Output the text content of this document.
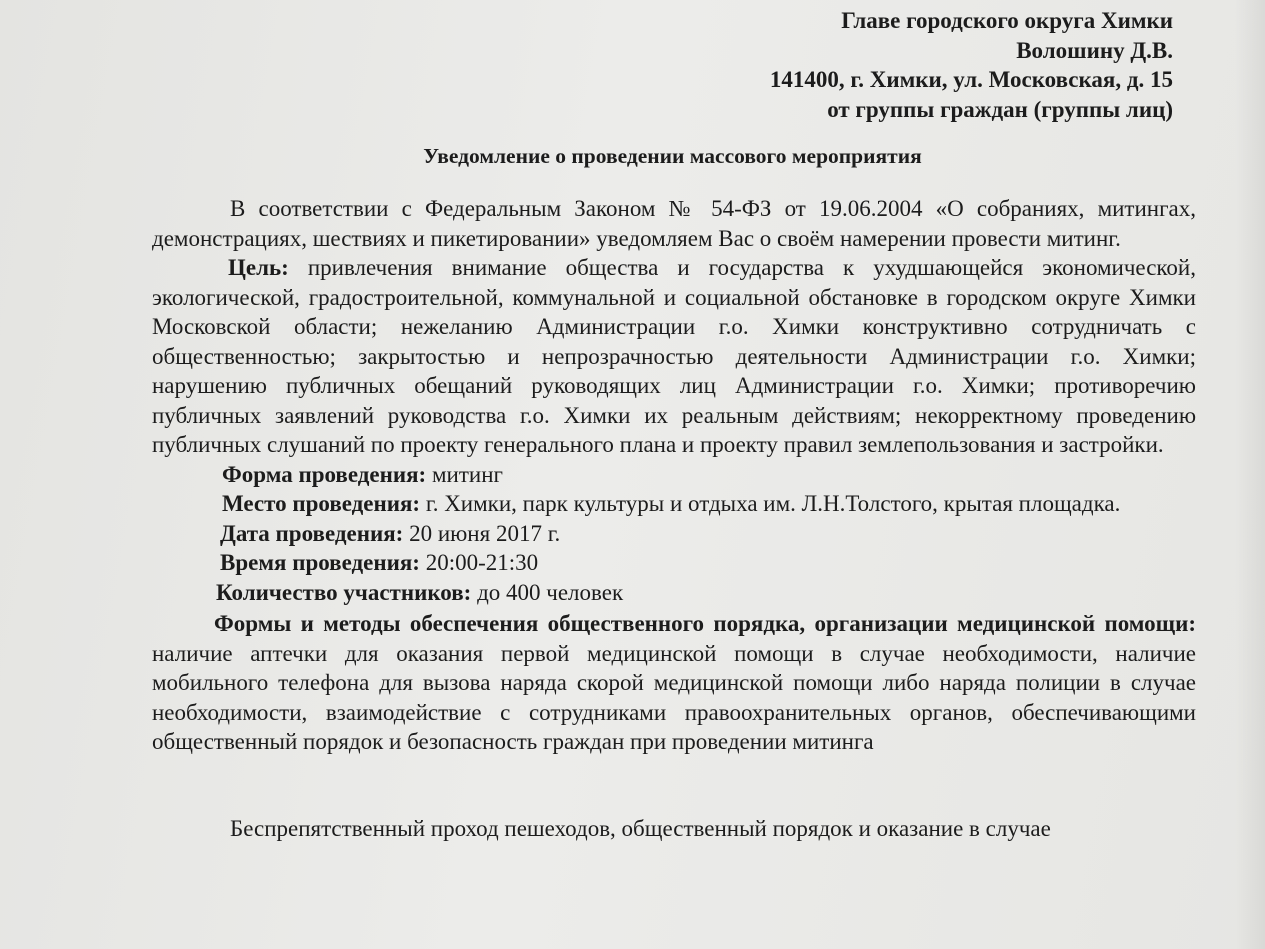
Главе городского округа Химки
Волошину Д.В.
141400, г. Химки, ул. Московская, д. 15
от группы граждан (группы лиц)
Уведомление о проведении массового мероприятия

В соответствии с Федеральным Законом № 54-ФЗ от 19.06.2004 «О собраниях, митингах, демонстрациях, шествиях и пикетировании» уведомляем Вас о своём намерении провести митинг.

Цель: привлечения внимание общества и государства к ухудшающейся экономической, экологической, градостроительной, коммунальной и социальной обстановке в городском округе Химки Московской области; нежеланию Администрации г.о. Химки конструктивно сотрудничать с общественностью; закрытостью и непрозрачностью деятельности Администрации г.о. Химки; нарушению публичных обещаний руководящих лиц Администрации г.о. Химки; противоречию публичных заявлений руководства г.о. Химки их реальным действиям; некорректному проведению публичных слушаний по проекту генерального плана и проекту правил землепользования и застройки.

Форма проведения: митинг

Место проведения: г. Химки, парк культуры и отдыха им. Л.Н.Толстого, крытая площадка.

Дата проведения: 20 июня 2017 г.

Время проведения: 20:00-21:30

Количество участников: до 400 человек

Формы и методы обеспечения общественного порядка, организации медицинской помощи: наличие аптечки для оказания первой медицинской помощи в случае необходимости, наличие мобильного телефона для вызова наряда скорой медицинской помощи либо наряда полиции в случае необходимости, взаимодействие с сотрудниками правоохранительных органов, обеспечивающими общественный порядок и безопасность граждан при проведении митинга

Беспрепятственный проход пешеходов, общественный порядок и оказание в случае
